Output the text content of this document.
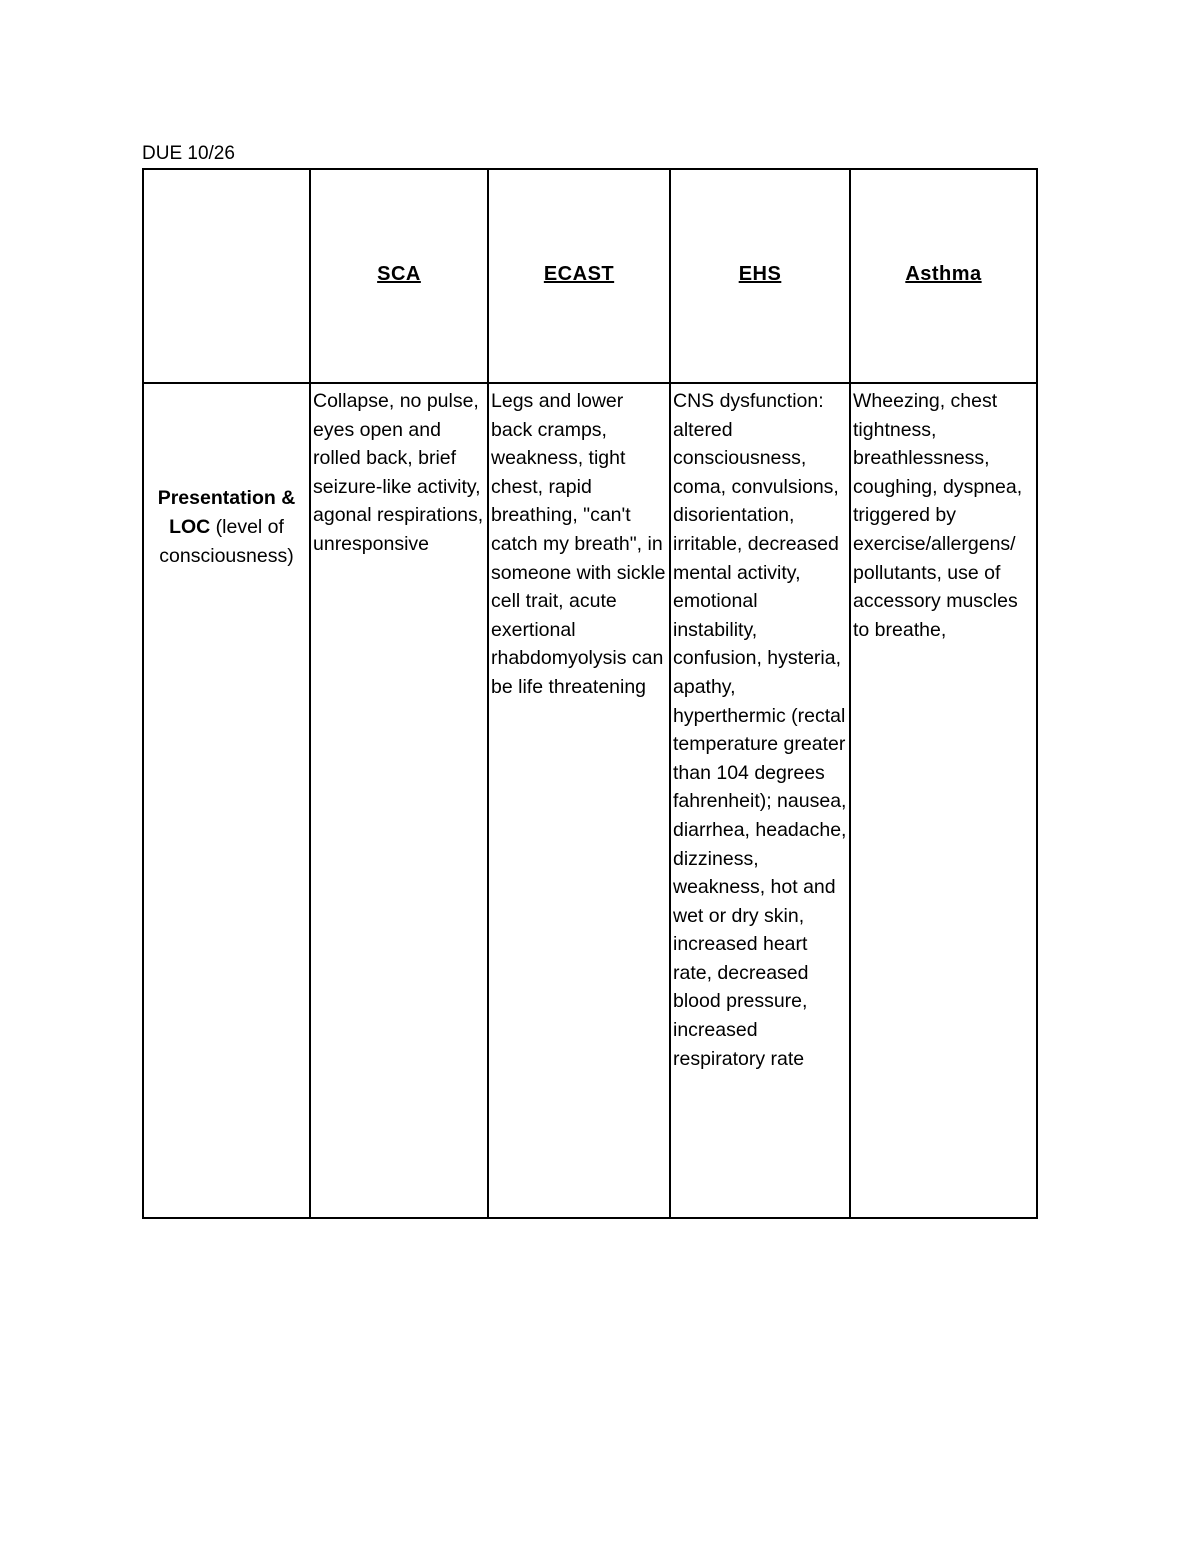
DUE 10/26
	SCA	ECAST	EHS	Asthma
Presentation & LOC (level of consciousness)	Collapse, no pulse, eyes open and rolled back, brief seizure-like activity, agonal respirations, unresponsive	Legs and lower back cramps, weakness, tight chest, rapid breathing, "can't catch my breath", in someone with sickle cell trait, acute exertional rhabdomyolysis can be life threatening	CNS dysfunction: altered consciousness, coma, convulsions, disorientation, irritable, decreased mental activity, emotional instability, confusion, hysteria, apathy, hyperthermic (rectal temperature greater than 104 degrees fahrenheit); nausea, diarrhea, headache, dizziness, weakness, hot and wet or dry skin, increased heart rate, decreased blood pressure, increased respiratory rate	Wheezing, chest tightness, breathlessness, coughing, dyspnea, triggered by exercise/allergens/ pollutants, use of accessory muscles to breathe,
